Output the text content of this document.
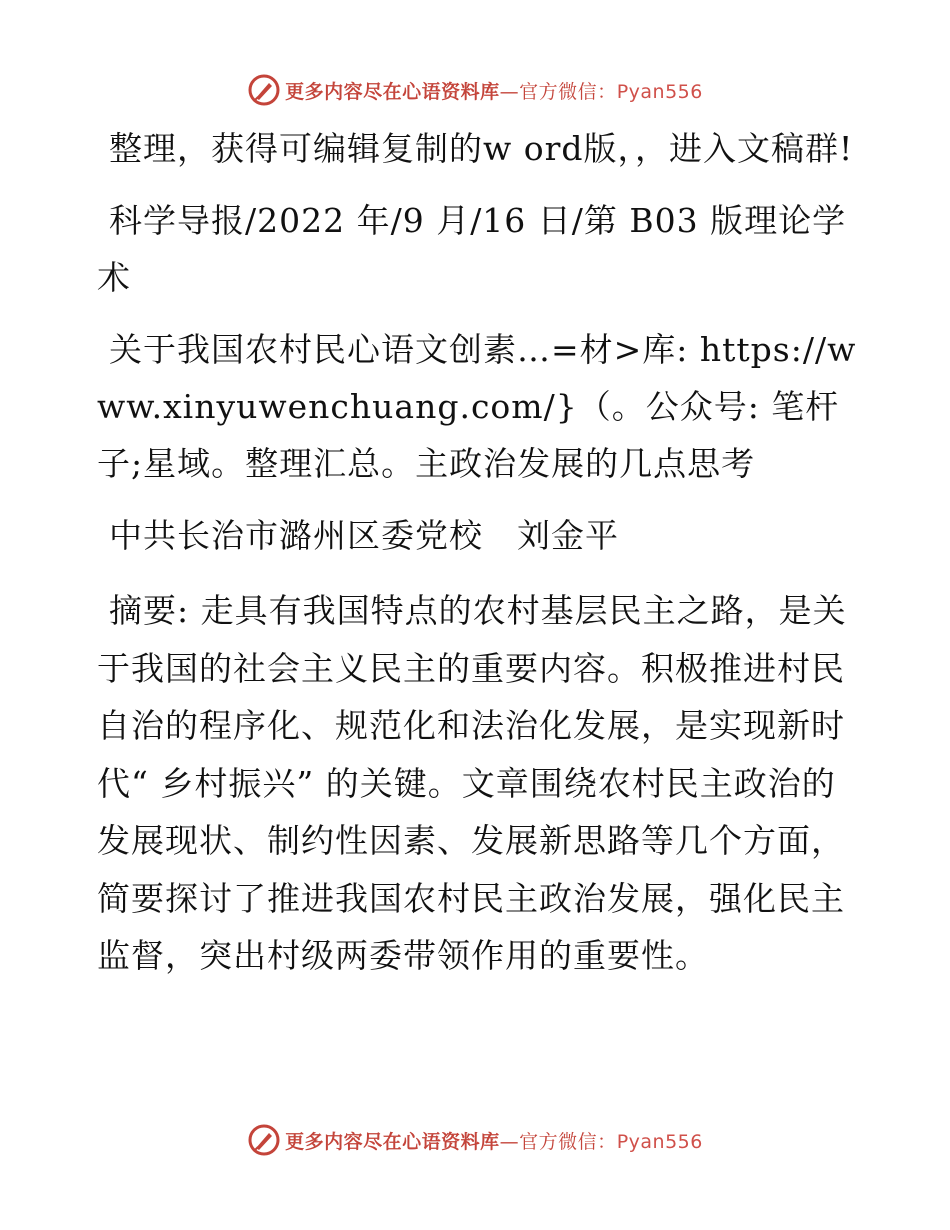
更多内容尽在心语资料库—官方微信：Pyan556

整理，获得可编辑复制的w ord版，，进入文稿群!

科学导报/2022 年/9 月/16 日/第 B03 版理论学术

关于我国农村民心语文创素…=材>库: https://www.xinyuwenchuang.com/}（。公众号: 笔杆子;星域。整理汇总。主政治发展的几点思考

中共长治市潞州区委党校　刘金平

摘要: 走具有我国特点的农村基层民主之路，是关于我国的社会主义民主的重要内容。积极推进村民自治的程序化、规范化和法治化发展，是实现新时代“ 乡村振兴” 的关键。文章围绕农村民主政治的发展现状、制约性因素、发展新思路等几个方面，简要探讨了推进我国农村民主政治发展，强化民主监督，突出村级两委带领作用的重要性。

更多内容尽在心语资料库—官方微信：Pyan556
